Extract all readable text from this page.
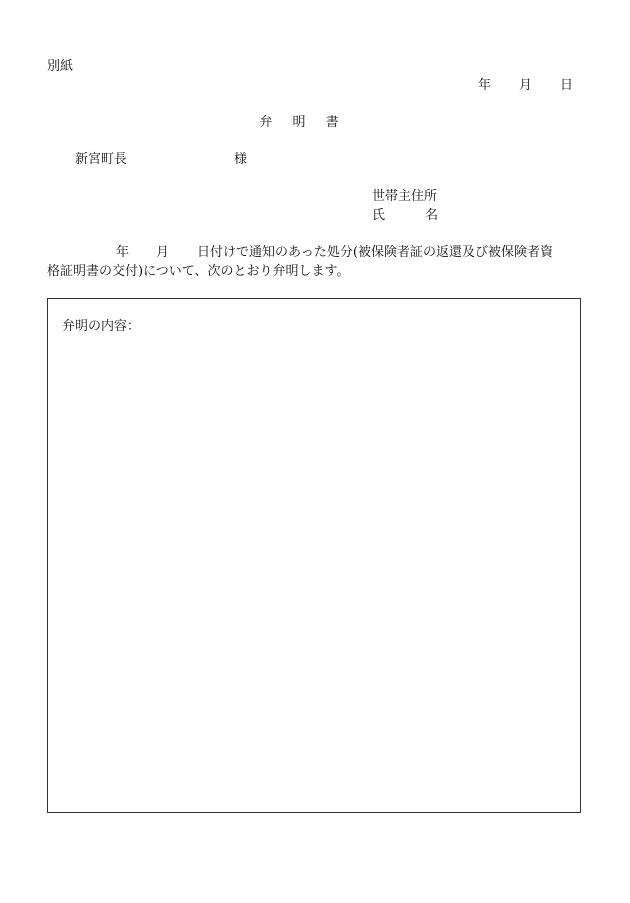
別紙
年 月 日
弁 明 書
新宮町長	様
世帯主住所
氏	名
年 月 日付けで通知のあった処分(被保険者証の返還及び被保険者資
格証明書の交付)について、次のとおり弁明します。
弁明の内容：
